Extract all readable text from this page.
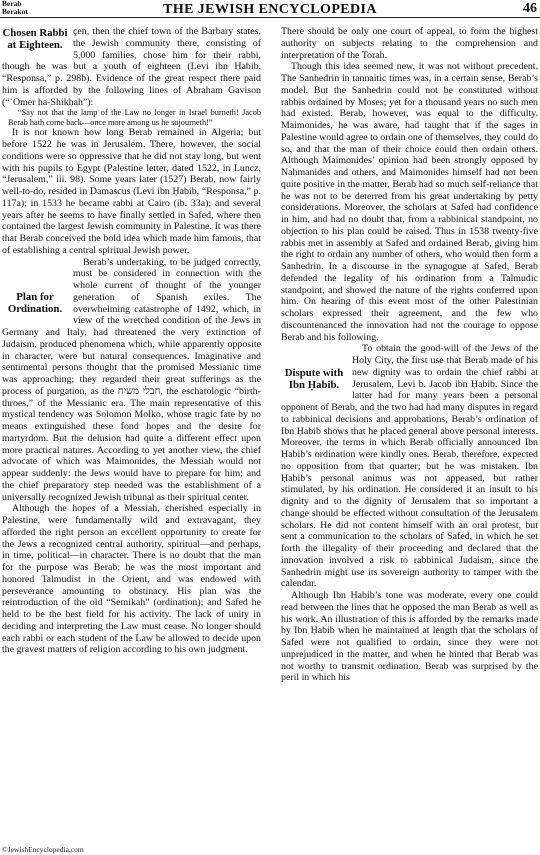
Berab
Berakot	THE JEWISH ENCYCLOPEDIA	46

Chosen Rabbi at Eighteen.
çen, then the chief town of the Barbary states, the Jewish community there, consisting of 5,000 families, chose him for their rabbi, though he was but a youth of eighteen (Levi ibn Ḥabib, “Responsa,” p. 298b). Evidence of the great respect there paid him is afforded by the following lines of Abraham Gavison (“ʿOmer ha-Shikḥah”):

“Say not that the lamp of the Law no longer in Israel burneth! Jacob Berab hath come back—once more among us he sojourneth!”

It is not known how long Berab remained in Algeria; but before 1522 he was in Jerusalem. There, however, the social conditions were so oppressive that he did not stay long, but went with his pupils to Egypt (Palestine letter, dated 1522, in Luncz, “Jerusalem,” iii. 98). Some years later (1527) Berab, now fairly well-to-do, resided in Damascus (Levi ibn Ḥabib, “Responsa,” p. 117a); in 1533 he became rabbi at Cairo (ib. 33a); and several years after he seems to have finally settled in Safed, where then contained the largest Jewish community in Palestine. It was there that Berab conceived the bold idea which made him famous, that of establishing a central spiritual Jewish power.

Plan for Ordination.
Berab’s undertaking, to be judged correctly, must be considered in connection with the whole current of thought of the younger generation of Spanish exiles. The overwhelming catastrophe of 1492, which, in view of the wretched condition of the Jews in Germany and Italy, had threatened the very extinction of Judaism, produced phenomena which, while apparently opposite in character, were but natural consequences. Imaginative and sentimental persons thought that the promised Messianic time was approaching; they regarded their great sufferings as the process of purgation, as the חבלי משיח, the eschatologic “birth-throes,” of the Messianic era. The main representative of this mystical tendency was Solomon Molko, whose tragic fate by no means extinguished these fond hopes and the desire for martyrdom. But the delusion had quite a different effect upon more practical natures. According to yet another view, the chief advocate of which was Maimonides, the Messiah would not appear suddenly: the Jews would have to prepare for him; and the chief preparatory step needed was the establishment of a universally recognized Jewish tribunal as their spiritual center.

Although the hopes of a Messiah, cherished especially in Palestine, were fundamentally wild and extravagant, they afforded the right person an excellent opportunity to create for the Jews a recognized central authority, spiritual—and perhaps, in time, political—in character. There is no doubt that the man for the purpose was Berab; he was the most important and honored Talmudist in the Orient, and was endowed with perseverance amounting to obstinacy. His plan was the reintroduction of the old “Semikah” (ordination); and Safed he held to be the best field for his activity. The lack of unity in deciding and interpreting the Law must cease. No longer should each rabbi or each student of the Law be allowed to decide upon the gravest matters of religion according to his own judgment.

There should be only one court of appeal, to form the highest authority on subjects relating to the comprehension and interpretation of the Torah.

Though this idea seemed new, it was not without precedent. The Sanhedrin in tannaitic times was, in a certain sense, Berab’s model. But the Sanhedrin could not be constituted without rabbis ordained by Moses; yet for a thousand years no such men had existed. Berab, however, was equal to the difficulty. Maimonides, he was aware, had taught that if the sages in Palestine would agree to ordain one of themselves, they could do so, and that the man of their choice could then ordain others. Although Maimonides’ opinion had been strongly opposed by Naḥmanides and others, and Maimonides himself had not been quite positive in the matter, Berab had so much self-reliance that he was not to be deterred from his great undertaking by petty considerations. Moreover, the scholars at Safed had confidence in him, and had no doubt that, from a rabbinical standpoint, no objection to his plan could be raised. Thus in 1538 twenty-five rabbis met in assembly at Safed and ordained Berab, giving him the right to ordain any number of others, who would then form a Sanhedrin. In a discourse in the synagogue at Safed, Berab defended the legality of his ordination from a Talmudic standpoint, and showed the nature of the rights conferred upon him. On hearing of this event most of the other Palestinian scholars expressed their agreement, and the few who discountenanced the innovation had not the courage to oppose Berab and his following.

Dispute with Ibn Ḥabib.
To obtain the good-will of the Jews of the Holy City, the first use that Berab made of his new dignity was to ordain the chief rabbi at Jerusalem, Levi b. Jacob ibn Ḥabib. Since the latter had for many years been a personal opponent of Berab, and the two had had many disputes in regard to rabbinical decisions and approbations, Berab’s ordination of Ibn Ḥabib shows that he placed general above personal interests. Moreover, the terms in which Berab officially announced Ibn Ḥabib’s ordination were kindly ones. Berab, therefore, expected no opposition from that quarter; but he was mistaken. Ibn Ḥabib’s personal animus was not appeased, but rather stimulated, by his ordination. He considered it an insult to his dignity and to the dignity of Jerusalem that so important a change should be effected without consultation of the Jerusalem scholars. He did not content himself with an oral protest, but sent a communication to the scholars of Safed, in which he set forth the illegality of their proceeding and declared that the innovation involved a risk to rabbinical Judaism, since the Sanhedrin might use its sovereign authority to tamper with the calendar.

Although Ibn Ḥabib’s tone was moderate, every one could read between the lines that he opposed the man Berab as well as his work. An illustration of this is afforded by the remarks made by Ibn Ḥabib when he maintained at length that the scholars of Safed were not qualified to ordain, since they were not unprejudiced in the matter, and when he hinted that Berab was not worthy to transmit ordination. Berab was surprised by the peril in which his

©JewishEncyclopedia.com
